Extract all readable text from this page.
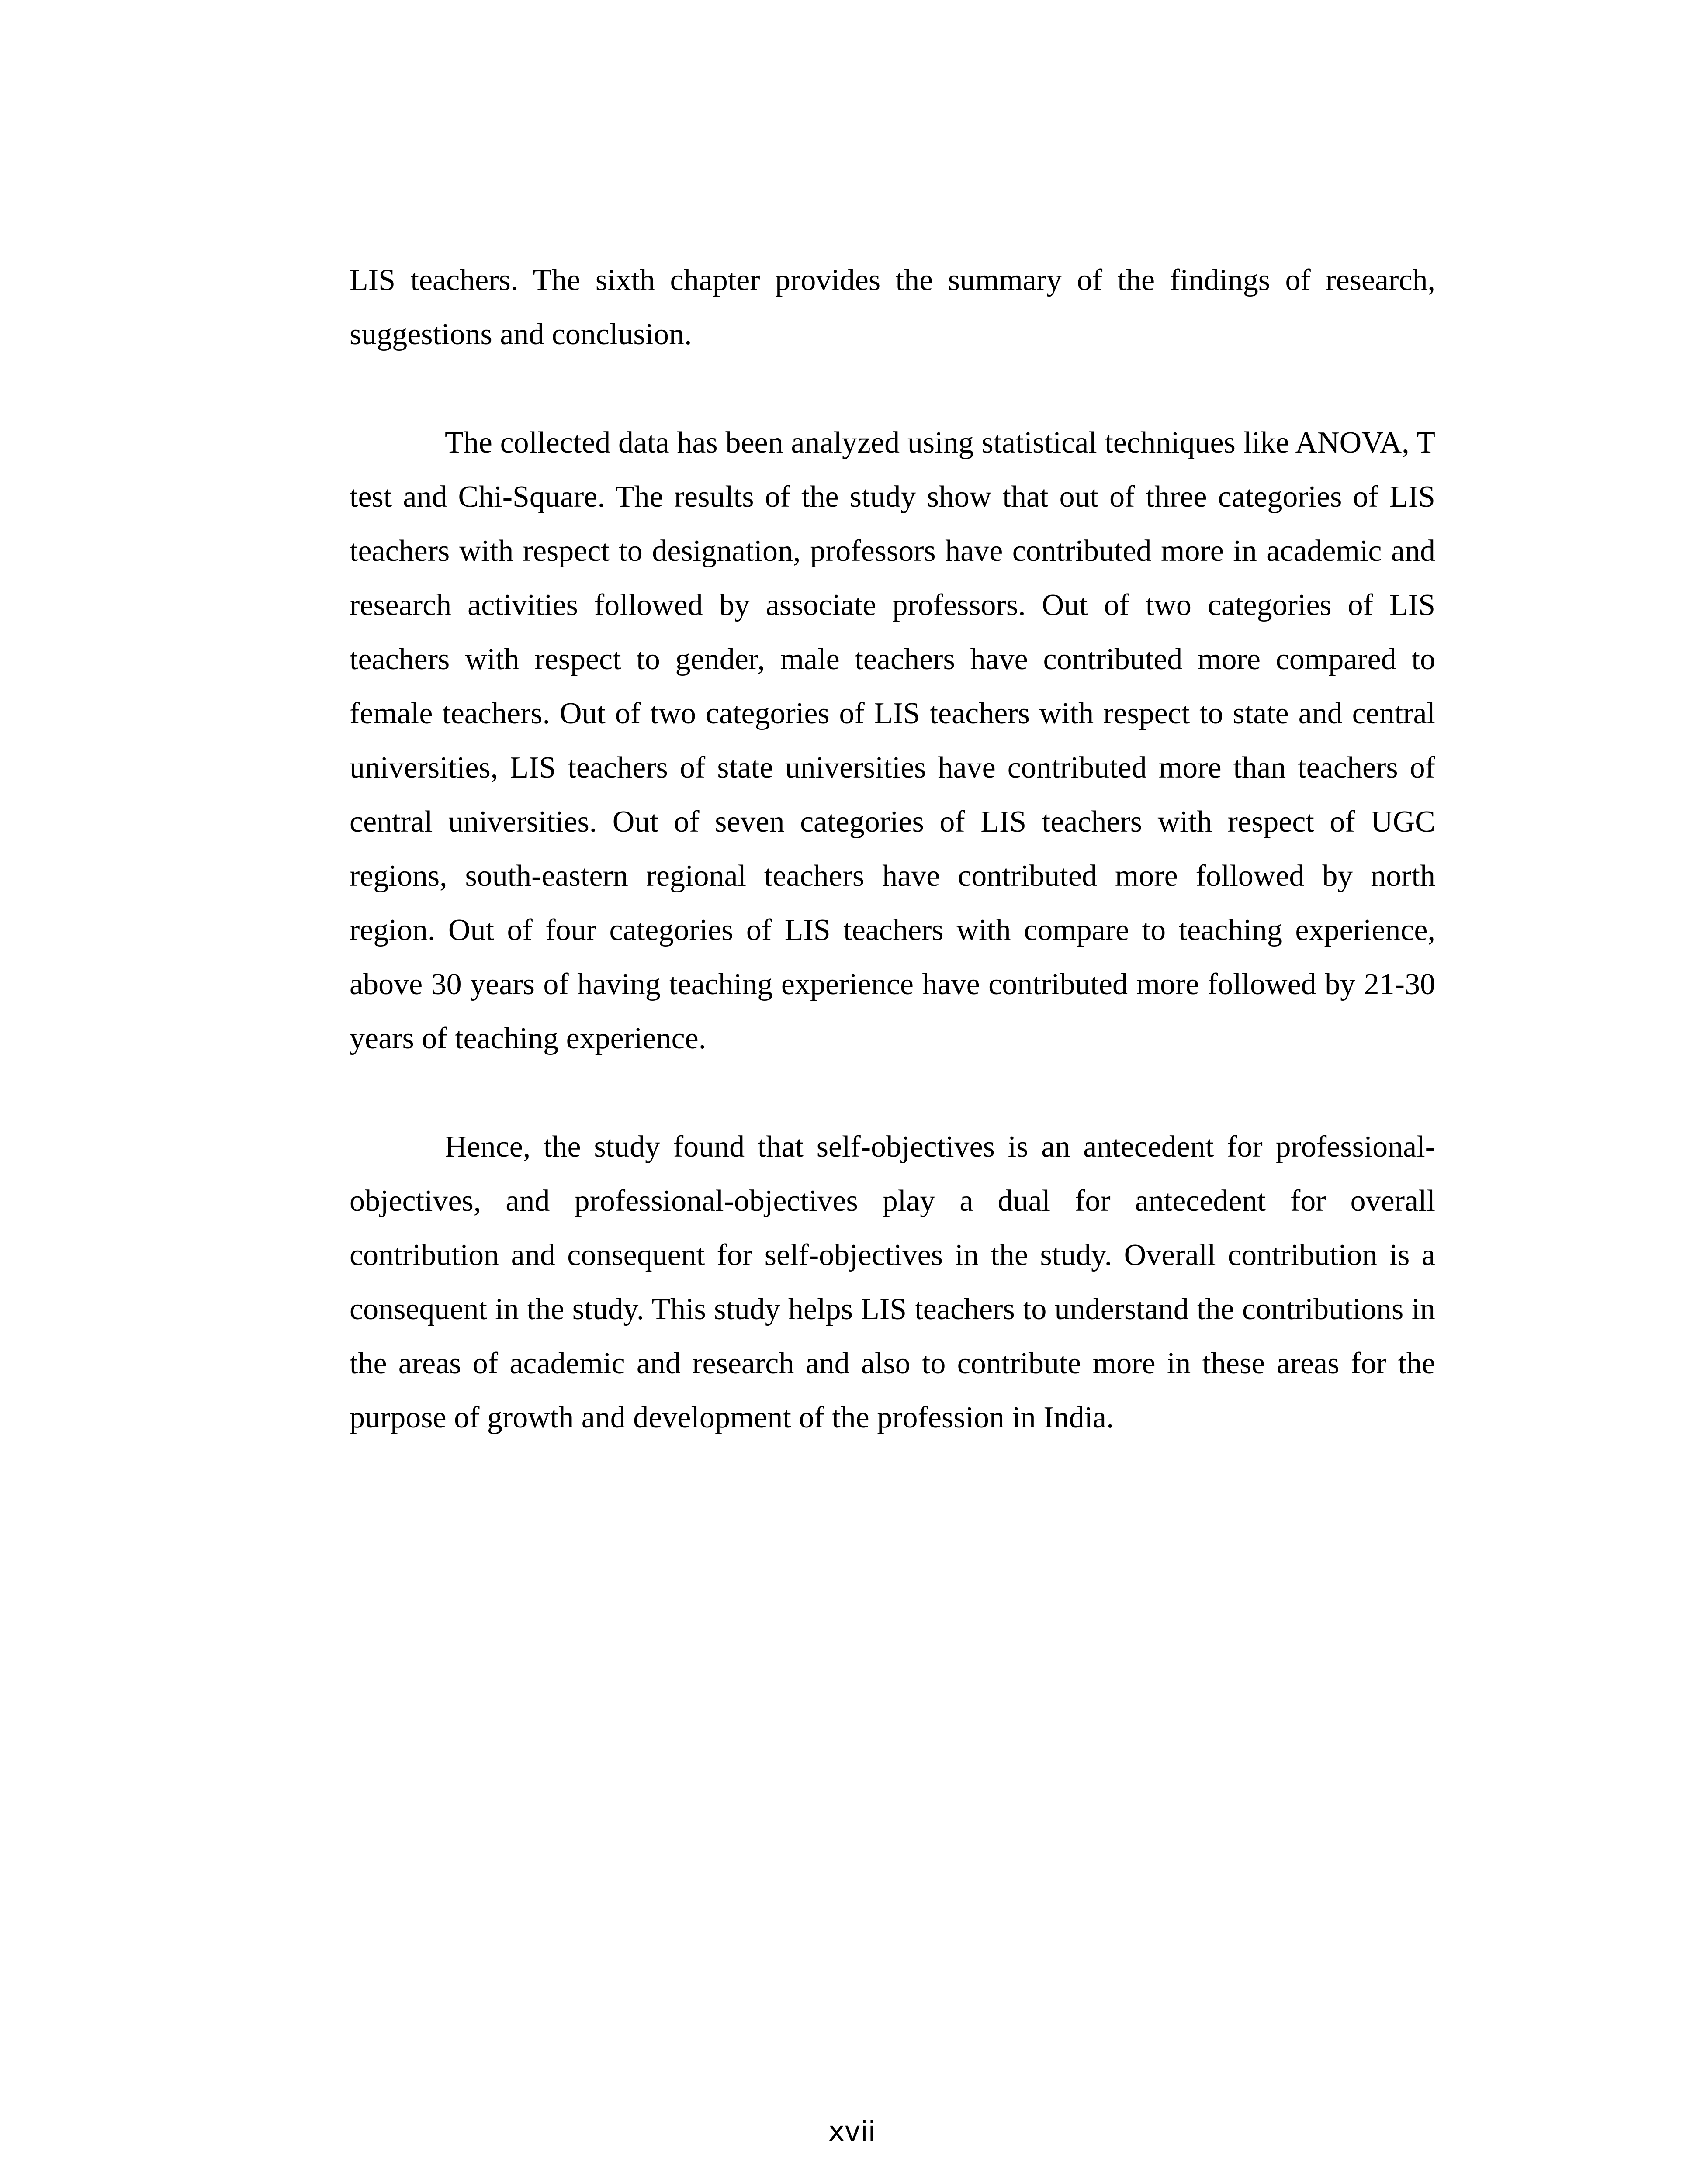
LIS teachers. The sixth chapter provides the summary of the findings of research, suggestions and conclusion.

The collected data has been analyzed using statistical techniques like ANOVA, T test and Chi-Square. The results of the study show that out of three categories of LIS teachers with respect to designation, professors have contributed more in academic and research activities followed by associate professors. Out of two categories of LIS teachers with respect to gender, male teachers have contributed more compared to female teachers. Out of two categories of LIS teachers with respect to state and central universities, LIS teachers of state universities have contributed more than teachers of central universities. Out of seven categories of LIS teachers with respect of UGC regions, south-eastern regional teachers have contributed more followed by north region. Out of four categories of LIS teachers with compare to teaching experience, above 30 years of having teaching experience have contributed more followed by 21-30 years of teaching experience.

Hence, the study found that self-objectives is an antecedent for professional-objectives, and professional-objectives play a dual for antecedent for overall contribution and consequent for self-objectives in the study. Overall contribution is a consequent in the study. This study helps LIS teachers to understand the contributions in the areas of academic and research and also to contribute more in these areas for the purpose of growth and development of the profession in India.

xvii
